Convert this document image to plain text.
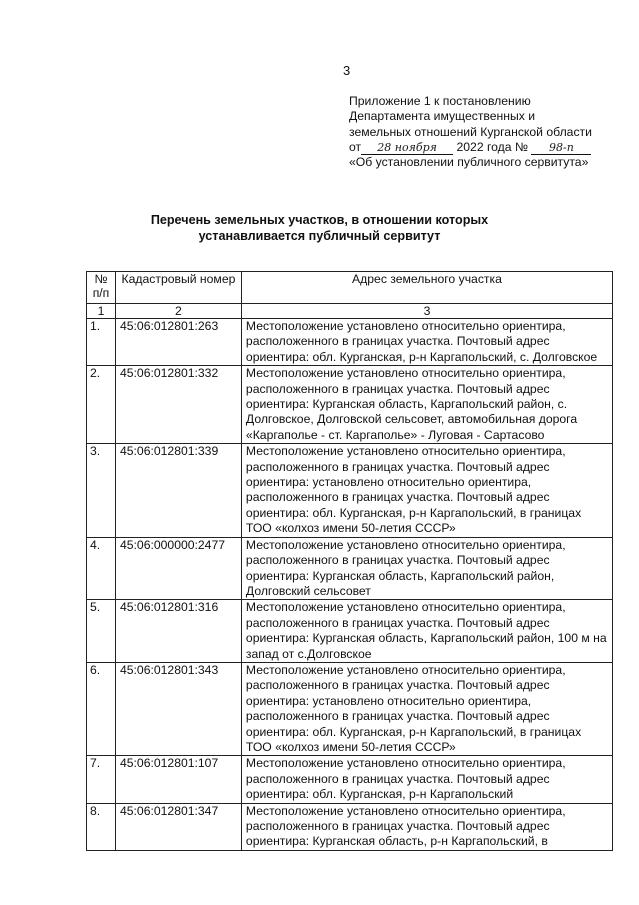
3
Приложение 1 к постановлению
Департамента имущественных и
земельных отношений Курганской области
от 28 ноября 2022 года № 98-п
«Об установлении публичного сервитута»
Перечень земельных участков, в отношении которых
устанавливается публичный сервитут
№ п/п	Кадастровый номер	Адрес земельного участка
1	2	3
1.	45:06:012801:263	Местоположение установлено относительно ориентира, расположенного в границах участка. Почтовый адрес ориентира: обл. Курганская, р-н Каргапольский, с. Долговское
2.	45:06:012801:332	Местоположение установлено относительно ориентира, расположенного в границах участка. Почтовый адрес ориентира: Курганская область, Каргапольский район, с. Долговское, Долговской сельсовет, автомобильная дорога «Каргаполье - ст. Каргаполье» - Луговая - Сартасово
3.	45:06:012801:339	Местоположение установлено относительно ориентира, расположенного в границах участка. Почтовый адрес ориентира: установлено относительно ориентира, расположенного в границах участка. Почтовый адрес ориентира: обл. Курганская, р-н Каргапольский, в границах ТОО «колхоз имени 50-летия СССР»
4.	45:06:000000:2477	Местоположение установлено относительно ориентира, расположенного в границах участка. Почтовый адрес ориентира: Курганская область, Каргапольский район, Долговский сельсовет
5.	45:06:012801:316	Местоположение установлено относительно ориентира, расположенного в границах участка. Почтовый адрес ориентира: Курганская область, Каргапольский район, 100 м на запад от с.Долговское
6.	45:06:012801:343	Местоположение установлено относительно ориентира, расположенного в границах участка. Почтовый адрес ориентира: установлено относительно ориентира, расположенного в границах участка. Почтовый адрес ориентира: обл. Курганская, р-н Каргапольский, в границах ТОО «колхоз имени 50-летия СССР»
7.	45:06:012801:107	Местоположение установлено относительно ориентира, расположенного в границах участка. Почтовый адрес ориентира: обл. Курганская, р-н Каргапольский
8.	45:06:012801:347	Местоположение установлено относительно ориентира, расположенного в границах участка. Почтовый адрес ориентира: Курганская область, р-н Каргапольский, в
